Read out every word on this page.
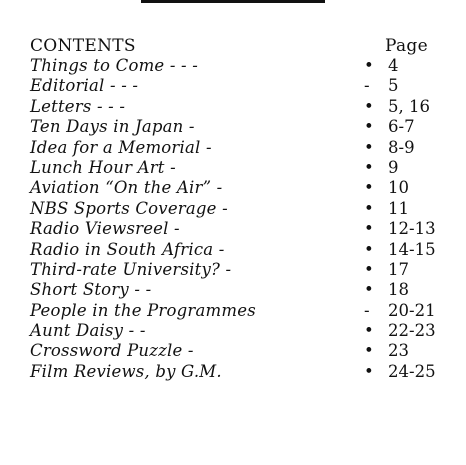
CONTENTS	Page
Things to Come - - -	• 4
Editorial - - -	- 5
Letters - - -	• 5, 16
Ten Days in Japan -	• 6-7
Idea for a Memorial -	• 8-9
Lunch Hour Art -	• 9
Aviation “On the Air” -	• 10
NBS Sports Coverage -	• 11
Radio Viewsreel -	• 12-13
Radio in South Africa -	• 14-15
Third-rate University? -	• 17
Short Story - -	• 18
People in the Programmes	- 20-21
Aunt Daisy - -	• 22-23
Crossword Puzzle -	• 23
Film Reviews, by G.M.	• 24-25
